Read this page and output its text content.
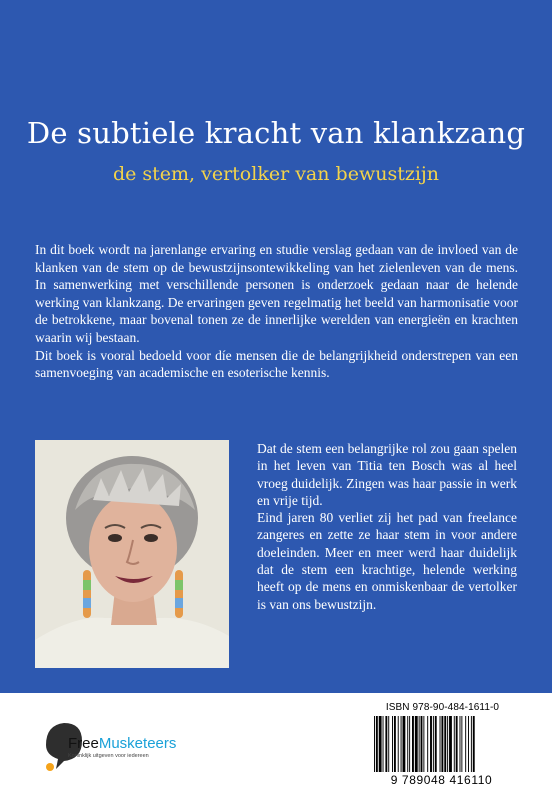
De subtiele kracht van klankzang
de stem, vertolker van bewustzijn

In dit boek wordt na jarenlange ervaring en studie verslag gedaan van de invloed van de klanken van de stem op de bewustzijnsontewikkeling van het zielenleven van de mens. In samenwerking met verschillende personen is onderzoek gedaan naar de helende werking van klankzang. De ervaringen geven regelmatig het beeld van harmonisatie voor de betrokkene, maar bovenal tonen ze de innerlijke werelden van energieën en krachten waarin wij bestaan.

Dit boek is vooral bedoeld voor díe mensen die de belangrijkheid onderstrepen van een samenvoeging van academische en esoterische kennis.

Dat de stem een belangrijke rol zou gaan spelen in het leven van Titia ten Bosch was al heel vroeg duidelijk. Zingen was haar passie in werk en vrije tijd.

Eind jaren 80 verliet zij het pad van freelance zangeres en zette ze haar stem in voor andere doeleinden. Meer en meer werd haar duidelijk dat de stem een krachtige, helende werking heeft op de mens en onmiskenbaar de vertolker is van ons bewustzijn.

FreeMusketeers
Koninklijk uitgeven voor iedereen
ISBN 978-90-484-1611-0
9 789048 416110
